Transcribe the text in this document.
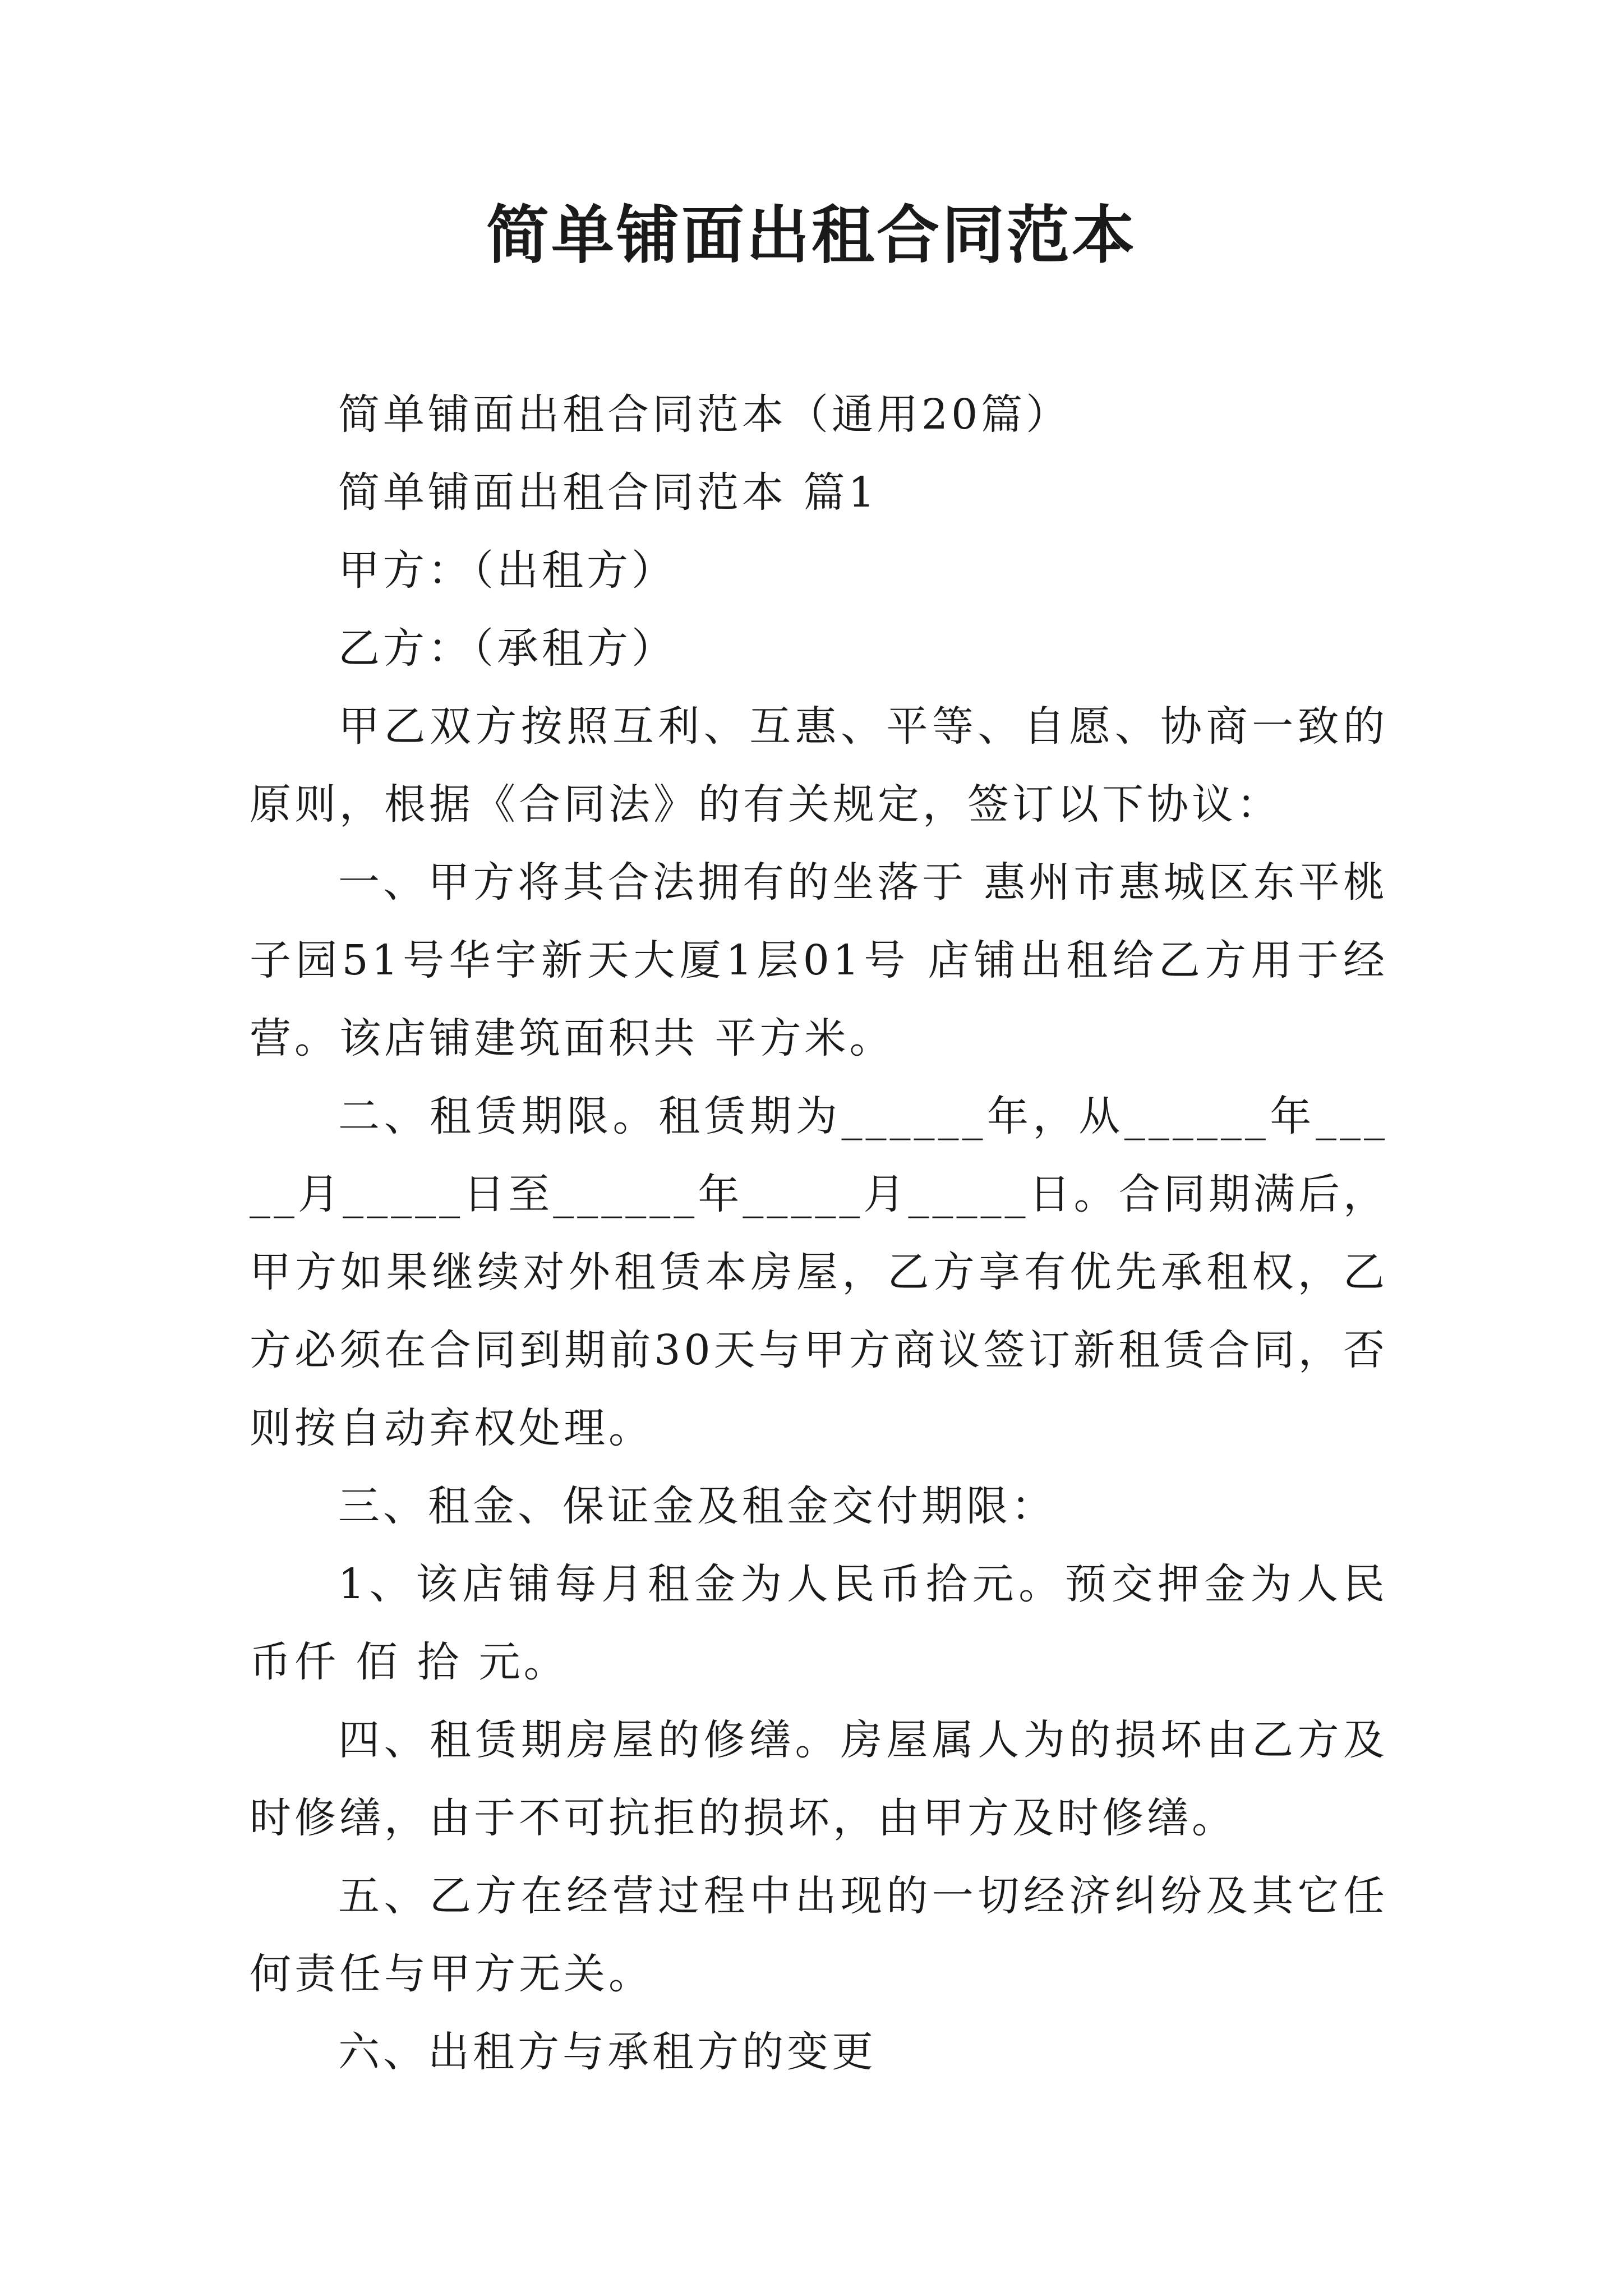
简单铺面出租合同范本

简单铺面出租合同范本（通用20篇）

简单铺面出租合同范本 篇1

甲方：（出租方）

乙方：（承租方）

甲乙双方按照互利、互惠、平等、自愿、协商一致的原则，根据《合同法》的有关规定，签订以下协议：

一、甲方将其合法拥有的坐落于 惠州市惠城区东平桃子园51号华宇新天大厦1层01号 店铺出租给乙方用于经营。该店铺建筑面积共 平方米。

二、租赁期限。租赁期为______年，从______年_____月_____日至______年_____月_____日。合同期满后，甲方如果继续对外租赁本房屋，乙方享有优先承租权，乙方必须在合同到期前30天与甲方商议签订新租赁合同，否则按自动弃权处理。

三、租金、保证金及租金交付期限：

1、该店铺每月租金为人民币拾元。预交押金为人民币仟 佰 拾 元。

四、租赁期房屋的修缮。房屋属人为的损坏由乙方及时修缮，由于不可抗拒的损坏，由甲方及时修缮。

五、乙方在经营过程中出现的一切经济纠纷及其它任何责任与甲方无关。

六、出租方与承租方的变更
